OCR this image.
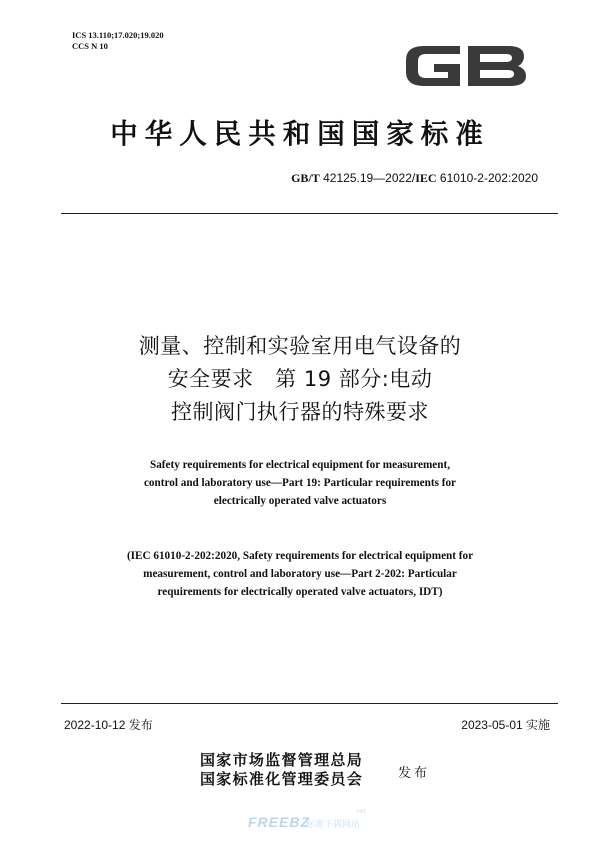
ICS 13.110;17.020;19.020
CCS N 10
中华人民共和国国家标准
GB/T 42125.19—2022/IEC 61010-2-202:2020
测量、控制和实验室用电气设备的
安全要求　第 19 部分:电动
控制阀门执行器的特殊要求
Safety requirements for electrical equipment for measurement,
control and laboratory use—Part 19: Particular requirements for
electrically operated valve actuators
(IEC 61010-2-202:2020, Safety requirements for electrical equipment for
measurement, control and laboratory use—Part 2-202: Particular
requirements for electrically operated valve actuators, IDT)
2022-10-12 发布	2023-05-01 实施
国家市场监督管理总局
国家标准化管理委员会	发布
FREEBZ
标准下载网站
net
